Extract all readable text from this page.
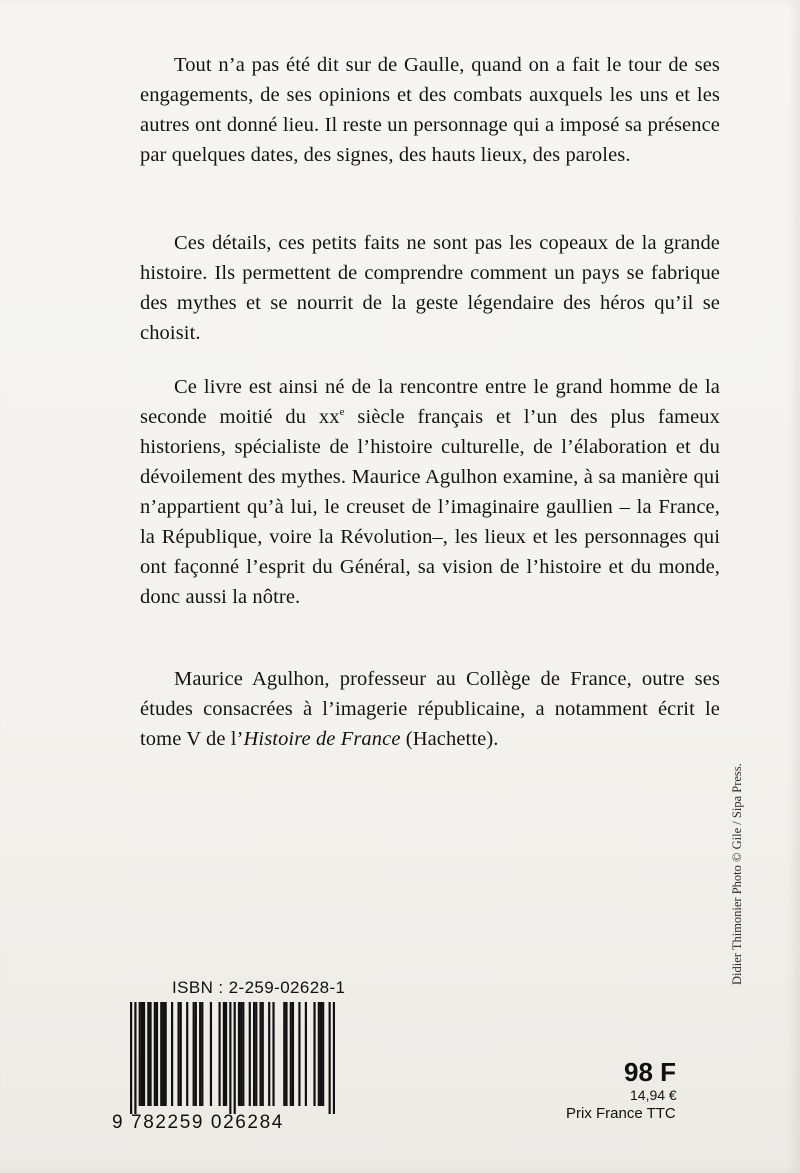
Tout n’a pas été dit sur de Gaulle, quand on a fait le tour de ses engagements, de ses opinions et des combats auxquels les uns et les autres ont donné lieu. Il reste un personnage qui a imposé sa présence par quelques dates, des signes, des hauts lieux, des paroles.

Ces détails, ces petits faits ne sont pas les copeaux de la grande histoire. Ils permettent de comprendre comment un pays se fabrique des mythes et se nourrit de la geste légendaire des héros qu’il se choisit.

Ce livre est ainsi né de la rencontre entre le grand homme de la seconde moitié du $xx^e$ siècle français et l’un des plus fameux historiens, spécialiste de l’histoire culturelle, de l’élaboration et du dévoilement des mythes. Maurice Agulhon examine, à sa manière qui n’appartient qu’à lui, le creuset de l’imaginaire gaullien – la France, la République, voire la Révolution–, les lieux et les personnages qui ont façonné l’esprit du Général, sa vision de l’histoire et du monde, donc aussi la nôtre.

Maurice Agulhon, professeur au Collège de France, outre ses études consacrées à l’imagerie républicaine, a notamment écrit le tome V de l’Histoire de France (Hachette).

Didier Thimonier Photo © Gile / Sipa Press.
ISBN : 2-259-02628-1
9 782259 026284
98 F
14,94 €
Prix France TTC
